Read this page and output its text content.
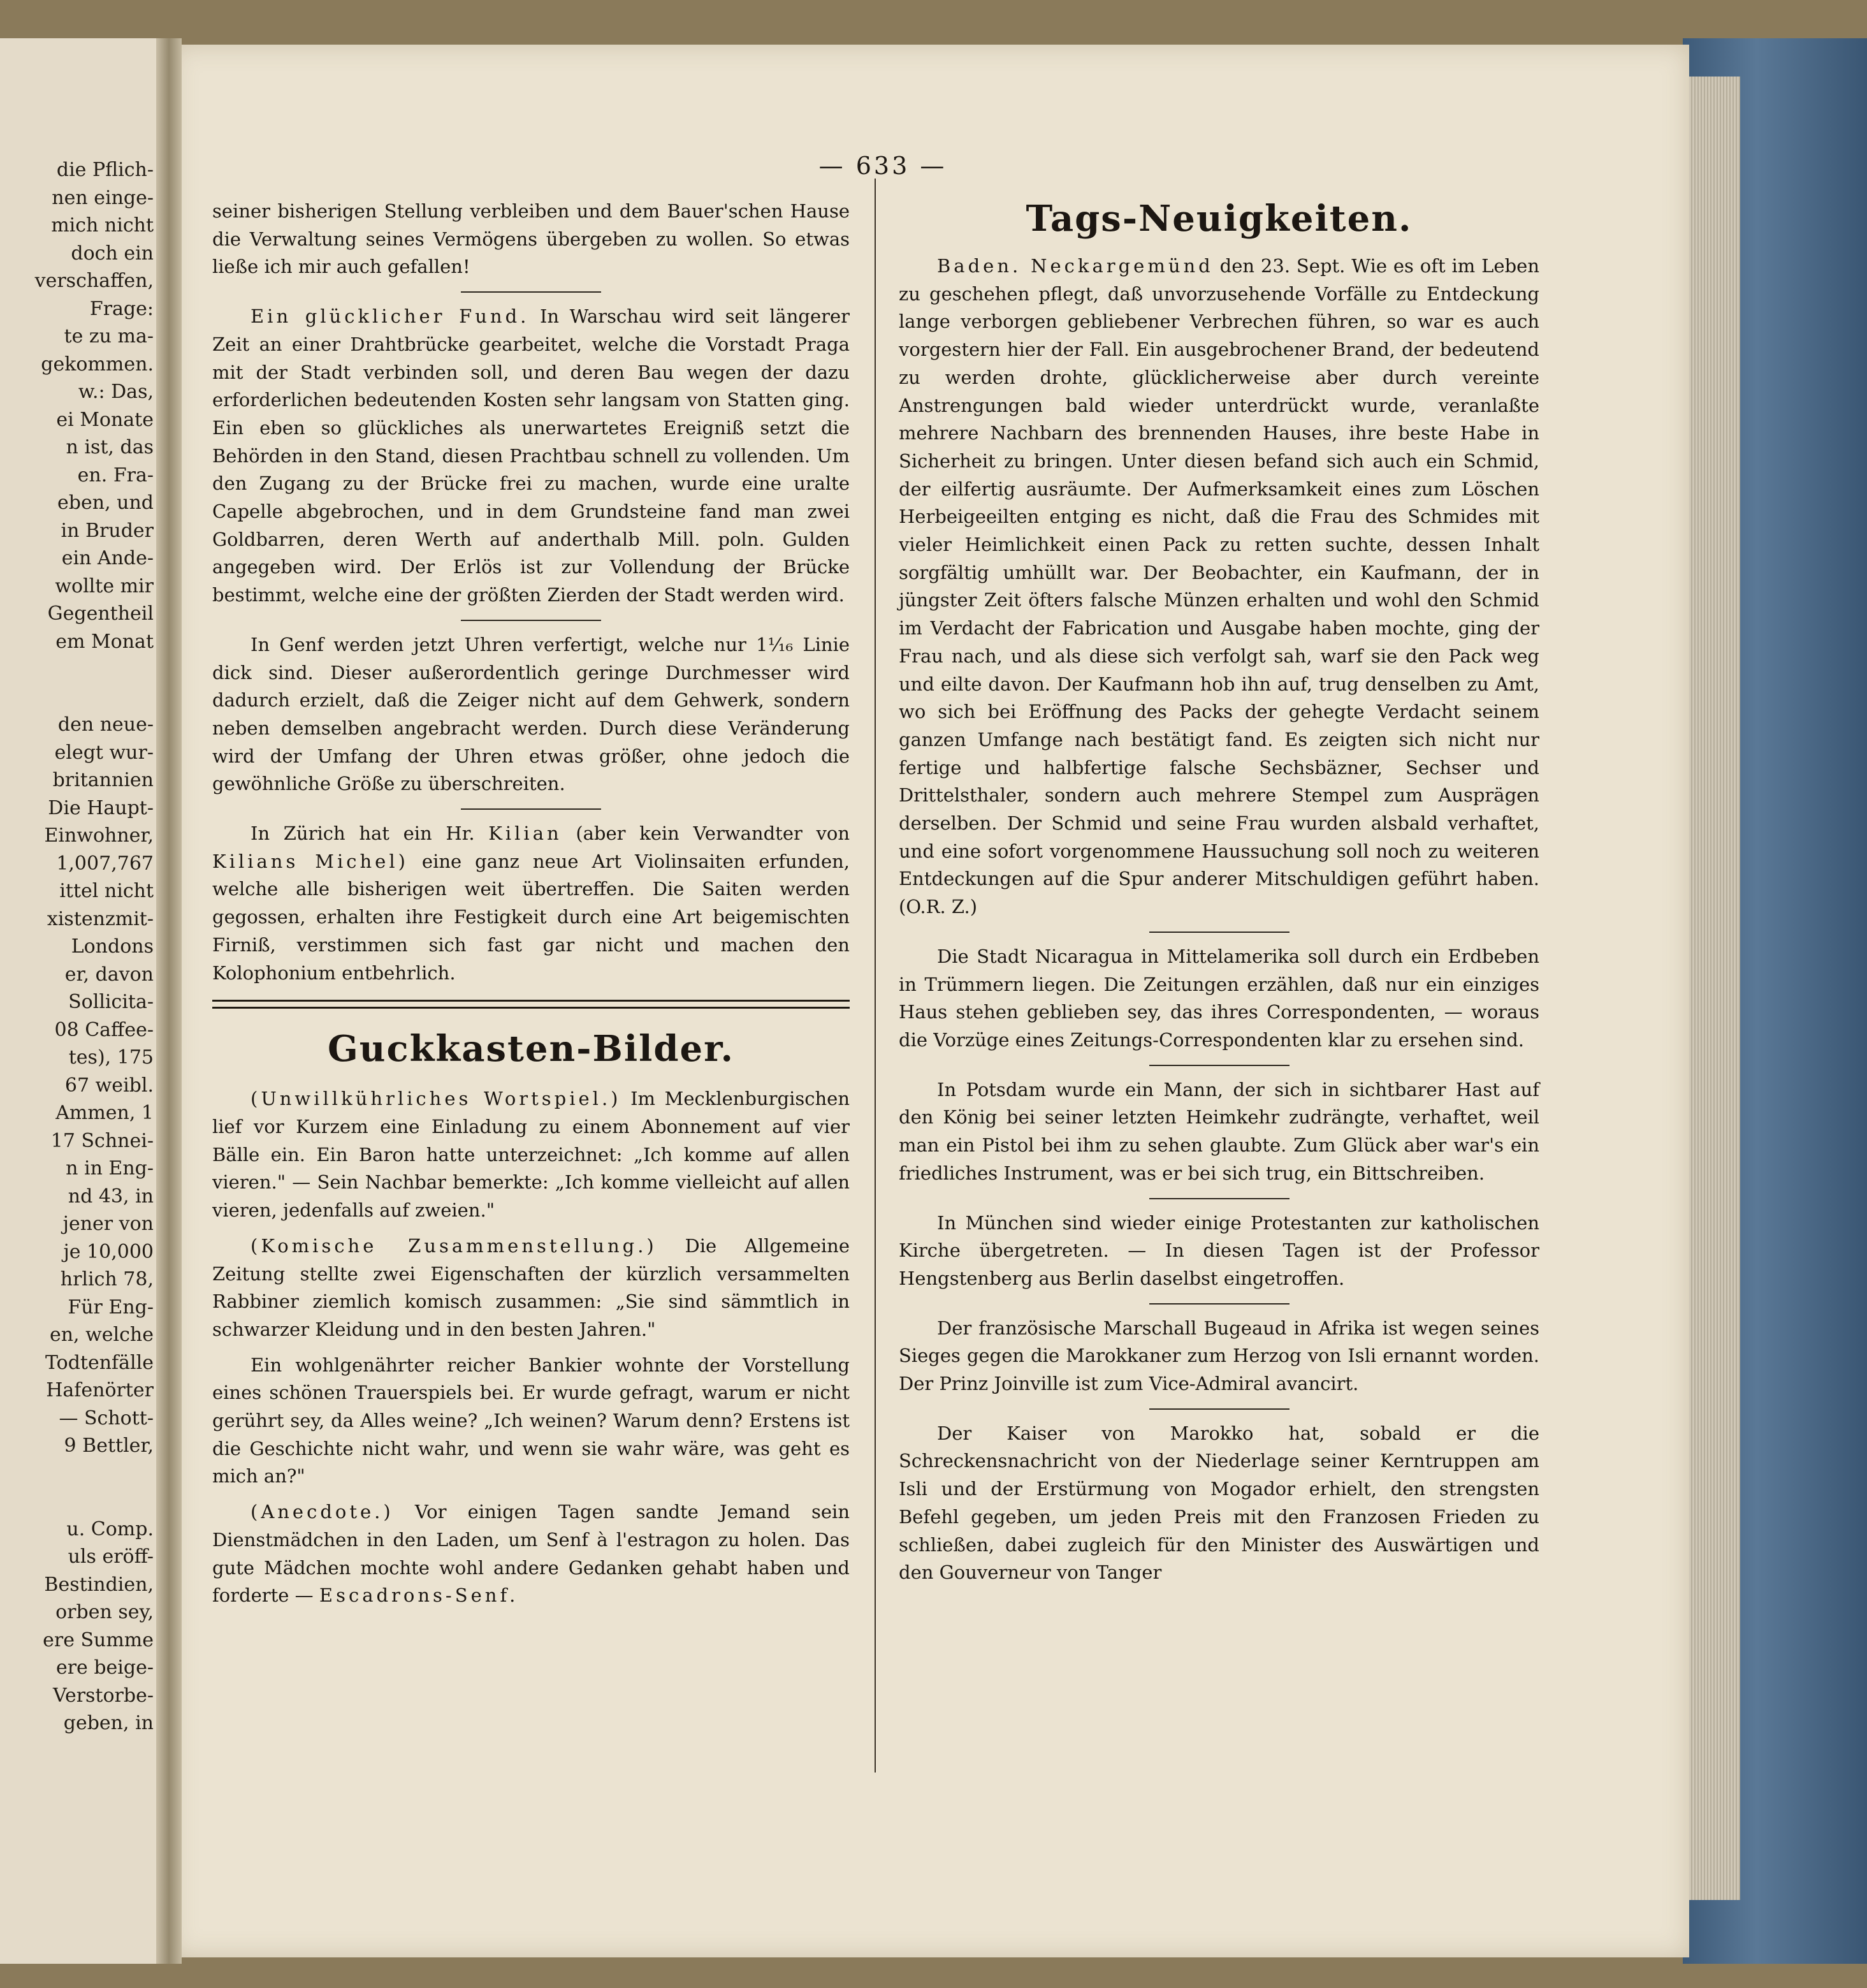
die Pflich-
nen einge-
mich nicht
doch ein
verschaffen,
Frage:
te zu ma-
gekommen.
w.: Das,
ei Monate
n ist, das
en. Fra-
eben, und
in Bruder
ein Ande-
wollte mir
Gegentheil
em Monat
den neue-
elegt wur-
britannien
Die Haupt-
Einwohner,
1,007,767
ittel nicht
xistenzmit-
Londons
er, davon
Sollicita-
08 Caffee-
tes), 175
67 weibl.
Ammen, 1
17 Schnei-
n in Eng-
nd 43, in
jener von
je 10,000
hrlich 78,
Für Eng-
en, welche
Todtenfälle
Hafenörter
— Schott-
9 Bettler,
u. Comp.
uls eröff-
Bestindien,
orben sey,
ere Summe
ere beige-
Verstorbe-
geben, in
— 633 —

seiner bisherigen Stellung verbleiben und dem Bauer'schen Hause die Verwaltung seines Vermögens übergeben zu wollen. So etwas ließe ich mir auch gefallen!

Ein glücklicher Fund. In Warschau wird seit längerer Zeit an einer Drahtbrücke gearbeitet, welche die Vorstadt Praga mit der Stadt verbinden soll, und deren Bau wegen der dazu erforderlichen bedeutenden Kosten sehr langsam von Statten ging. Ein eben so glückliches als unerwartetes Ereigniß setzt die Behörden in den Stand, diesen Prachtbau schnell zu vollenden. Um den Zugang zu der Brücke frei zu machen, wurde eine uralte Capelle abgebrochen, und in dem Grundsteine fand man zwei Goldbarren, deren Werth auf anderthalb Mill. poln. Gulden angegeben wird. Der Erlös ist zur Vollendung der Brücke bestimmt, welche eine der größten Zierden der Stadt werden wird.

In Genf werden jetzt Uhren verfertigt, welche nur 1¹⁄₁₆ Linie dick sind. Dieser außerordentlich geringe Durchmesser wird dadurch erzielt, daß die Zeiger nicht auf dem Gehwerk, sondern neben demselben angebracht werden. Durch diese Veränderung wird der Umfang der Uhren etwas größer, ohne jedoch die gewöhnliche Größe zu überschreiten.

In Zürich hat ein Hr. Kilian (aber kein Verwandter von Kilians Michel) eine ganz neue Art Violinsaiten erfunden, welche alle bisherigen weit übertreffen. Die Saiten werden gegossen, erhalten ihre Festigkeit durch eine Art beigemischten Firniß, verstimmen sich fast gar nicht und machen den Kolophonium entbehrlich.

Guckkasten-Bilder.

(Unwillkührliches Wortspiel.) Im Mecklenburgischen lief vor Kurzem eine Einladung zu einem Abonnement auf vier Bälle ein. Ein Baron hatte unterzeichnet: „Ich komme auf allen vieren." — Sein Nachbar bemerkte: „Ich komme vielleicht auf allen vieren, jedenfalls auf zweien."

(Komische Zusammenstellung.) Die Allgemeine Zeitung stellte zwei Eigenschaften der kürzlich versammelten Rabbiner ziemlich komisch zusammen: „Sie sind sämmtlich in schwarzer Kleidung und in den besten Jahren."

Ein wohlgenährter reicher Bankier wohnte der Vorstellung eines schönen Trauerspiels bei. Er wurde gefragt, warum er nicht gerührt sey, da Alles weine? „Ich weinen? Warum denn? Erstens ist die Geschichte nicht wahr, und wenn sie wahr wäre, was geht es mich an?"

(Anecdote.) Vor einigen Tagen sandte Jemand sein Dienstmädchen in den Laden, um Senf à l'estragon zu holen. Das gute Mädchen mochte wohl andere Gedanken gehabt haben und forderte — Escadrons-Senf.

Tags-Neuigkeiten.

Baden. Neckargemünd den 23. Sept. Wie es oft im Leben zu geschehen pflegt, daß unvorzusehende Vorfälle zu Entdeckung lange verborgen gebliebener Verbrechen führen, so war es auch vorgestern hier der Fall. Ein ausgebrochener Brand, der bedeutend zu werden drohte, glücklicherweise aber durch vereinte Anstrengungen bald wieder unterdrückt wurde, veranlaßte mehrere Nachbarn des brennenden Hauses, ihre beste Habe in Sicherheit zu bringen. Unter diesen befand sich auch ein Schmid, der eilfertig ausräumte. Der Aufmerksamkeit eines zum Löschen Herbeigeeilten entging es nicht, daß die Frau des Schmides mit vieler Heimlichkeit einen Pack zu retten suchte, dessen Inhalt sorgfältig umhüllt war. Der Beobachter, ein Kaufmann, der in jüngster Zeit öfters falsche Münzen erhalten und wohl den Schmid im Verdacht der Fabrication und Ausgabe haben mochte, ging der Frau nach, und als diese sich verfolgt sah, warf sie den Pack weg und eilte davon. Der Kaufmann hob ihn auf, trug denselben zu Amt, wo sich bei Eröffnung des Packs der gehegte Verdacht seinem ganzen Umfange nach bestätigt fand. Es zeigten sich nicht nur fertige und halbfertige falsche Sechsbäzner, Sechser und Drittelsthaler, sondern auch mehrere Stempel zum Ausprägen derselben. Der Schmid und seine Frau wurden alsbald verhaftet, und eine sofort vorgenommene Haussuchung soll noch zu weiteren Entdeckungen auf die Spur anderer Mitschuldigen geführt haben. (O.R. Z.)

Die Stadt Nicaragua in Mittelamerika soll durch ein Erdbeben in Trümmern liegen. Die Zeitungen erzählen, daß nur ein einziges Haus stehen geblieben sey, das ihres Correspondenten, — woraus die Vorzüge eines Zeitungs-Correspondenten klar zu ersehen sind.

In Potsdam wurde ein Mann, der sich in sichtbarer Hast auf den König bei seiner letzten Heimkehr zudrängte, verhaftet, weil man ein Pistol bei ihm zu sehen glaubte. Zum Glück aber war's ein friedliches Instrument, was er bei sich trug, ein Bittschreiben.

In München sind wieder einige Protestanten zur katholischen Kirche übergetreten. — In diesen Tagen ist der Professor Hengstenberg aus Berlin daselbst eingetroffen.

Der französische Marschall Bugeaud in Afrika ist wegen seines Sieges gegen die Marokkaner zum Herzog von Isli ernannt worden. Der Prinz Joinville ist zum Vice-Admiral avancirt.

Der Kaiser von Marokko hat, sobald er die Schreckensnachricht von der Niederlage seiner Kerntruppen am Isli und der Erstürmung von Mogador erhielt, den strengsten Befehl gegeben, um jeden Preis mit den Franzosen Frieden zu schließen, dabei zugleich für den Minister des Auswärtigen und den Gouverneur von Tanger
